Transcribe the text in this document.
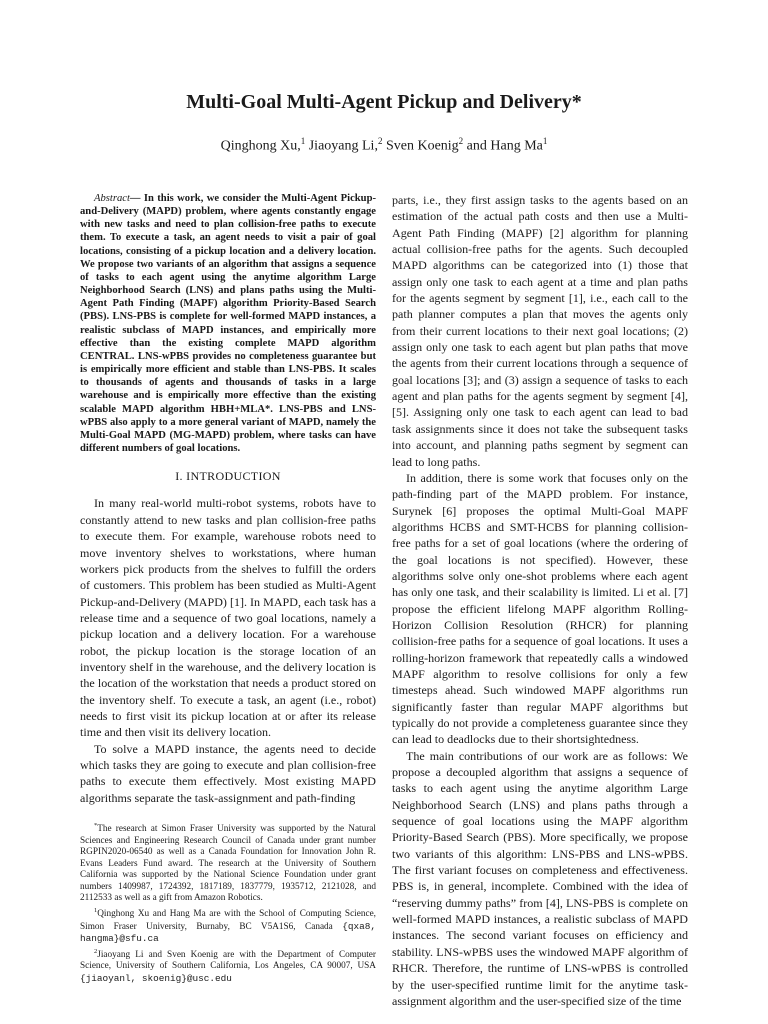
Multi-Goal Multi-Agent Pickup and Delivery*
Qinghong Xu,$^1$ Jiaoyang Li,$^2$ Sven Koenig$^2$ and Hang Ma$^1$

Abstract— In this work, we consider the Multi-Agent Pickup-and-Delivery (MAPD) problem, where agents constantly engage with new tasks and need to plan collision-free paths to execute them. To execute a task, an agent needs to visit a pair of goal locations, consisting of a pickup location and a delivery location. We propose two variants of an algorithm that assigns a sequence of tasks to each agent using the anytime algorithm Large Neighborhood Search (LNS) and plans paths using the Multi-Agent Path Finding (MAPF) algorithm Priority-Based Search (PBS). LNS-PBS is complete for well-formed MAPD instances, a realistic subclass of MAPD instances, and empirically more effective than the existing complete MAPD algorithm CENTRAL. LNS-wPBS provides no completeness guarantee but is empirically more efficient and stable than LNS-PBS. It scales to thousands of agents and thousands of tasks in a large warehouse and is empirically more effective than the existing scalable MAPD algorithm HBH+MLA*. LNS-PBS and LNS-wPBS also apply to a more general variant of MAPD, namely the Multi-Goal MAPD (MG-MAPD) problem, where tasks can have different numbers of goal locations.

I. INTRODUCTION

In many real-world multi-robot systems, robots have to constantly attend to new tasks and plan collision-free paths to execute them. For example, warehouse robots need to move inventory shelves to workstations, where human workers pick products from the shelves to fulfill the orders of customers. This problem has been studied as Multi-Agent Pickup-and-Delivery (MAPD) [1]. In MAPD, each task has a release time and a sequence of two goal locations, namely a pickup location and a delivery location. For a warehouse robot, the pickup location is the storage location of an inventory shelf in the warehouse, and the delivery location is the location of the workstation that needs a product stored on the inventory shelf. To execute a task, an agent (i.e., robot) needs to first visit its pickup location at or after its release time and then visit its delivery location.

To solve a MAPD instance, the agents need to decide which tasks they are going to execute and plan collision-free paths to execute them effectively. Most existing MAPD algorithms separate the task-assignment and path-finding

*The research at Simon Fraser University was supported by the Natural Sciences and Engineering Research Council of Canada under grant number RGPIN2020-06540 as well as a Canada Foundation for Innovation John R. Evans Leaders Fund award. The research at the University of Southern California was supported by the National Science Foundation under grant numbers 1409987, 1724392, 1817189, 1837779, 1935712, 2121028, and 2112533 as well as a gift from Amazon Robotics.

$^1$Qinghong Xu and Hang Ma are with the School of Computing Science, Simon Fraser University, Burnaby, BC V5A1S6, Canada {qxa8, hangma}@sfu.ca

$^2$Jiaoyang Li and Sven Koenig are with the Department of Computer Science, University of Southern California, Los Angeles, CA 90007, USA {jiaoyanl, skoenig}@usc.edu

parts, i.e., they first assign tasks to the agents based on an estimation of the actual path costs and then use a Multi-Agent Path Finding (MAPF) [2] algorithm for planning actual collision-free paths for the agents. Such decoupled MAPD algorithms can be categorized into (1) those that assign only one task to each agent at a time and plan paths for the agents segment by segment [1], i.e., each call to the path planner computes a plan that moves the agents only from their current locations to their next goal locations; (2) assign only one task to each agent but plan paths that move the agents from their current locations through a sequence of goal locations [3]; and (3) assign a sequence of tasks to each agent and plan paths for the agents segment by segment [4], [5]. Assigning only one task to each agent can lead to bad task assignments since it does not take the subsequent tasks into account, and planning paths segment by segment can lead to long paths.

In addition, there is some work that focuses only on the path-finding part of the MAPD problem. For instance, Surynek [6] proposes the optimal Multi-Goal MAPF algorithms HCBS and SMT-HCBS for planning collision-free paths for a set of goal locations (where the ordering of the goal locations is not specified). However, these algorithms solve only one-shot problems where each agent has only one task, and their scalability is limited. Li et al. [7] propose the efficient lifelong MAPF algorithm Rolling-Horizon Collision Resolution (RHCR) for planning collision-free paths for a sequence of goal locations. It uses a rolling-horizon framework that repeatedly calls a windowed MAPF algorithm to resolve collisions for only a few timesteps ahead. Such windowed MAPF algorithms run significantly faster than regular MAPF algorithms but typically do not provide a completeness guarantee since they can lead to deadlocks due to their shortsightedness.

The main contributions of our work are as follows: We propose a decoupled algorithm that assigns a sequence of tasks to each agent using the anytime algorithm Large Neighborhood Search (LNS) and plans paths through a sequence of goal locations using the MAPF algorithm Priority-Based Search (PBS). More specifically, we propose two variants of this algorithm: LNS-PBS and LNS-wPBS. The first variant focuses on completeness and effectiveness. PBS is, in general, incomplete. Combined with the idea of “reserving dummy paths” from [4], LNS-PBS is complete on well-formed MAPD instances, a realistic subclass of MAPD instances. The second variant focuses on efficiency and stability. LNS-wPBS uses the windowed MAPF algorithm of RHCR. Therefore, the runtime of LNS-wPBS is controlled by the user-specified runtime limit for the anytime task-assignment algorithm and the user-specified size of the time
